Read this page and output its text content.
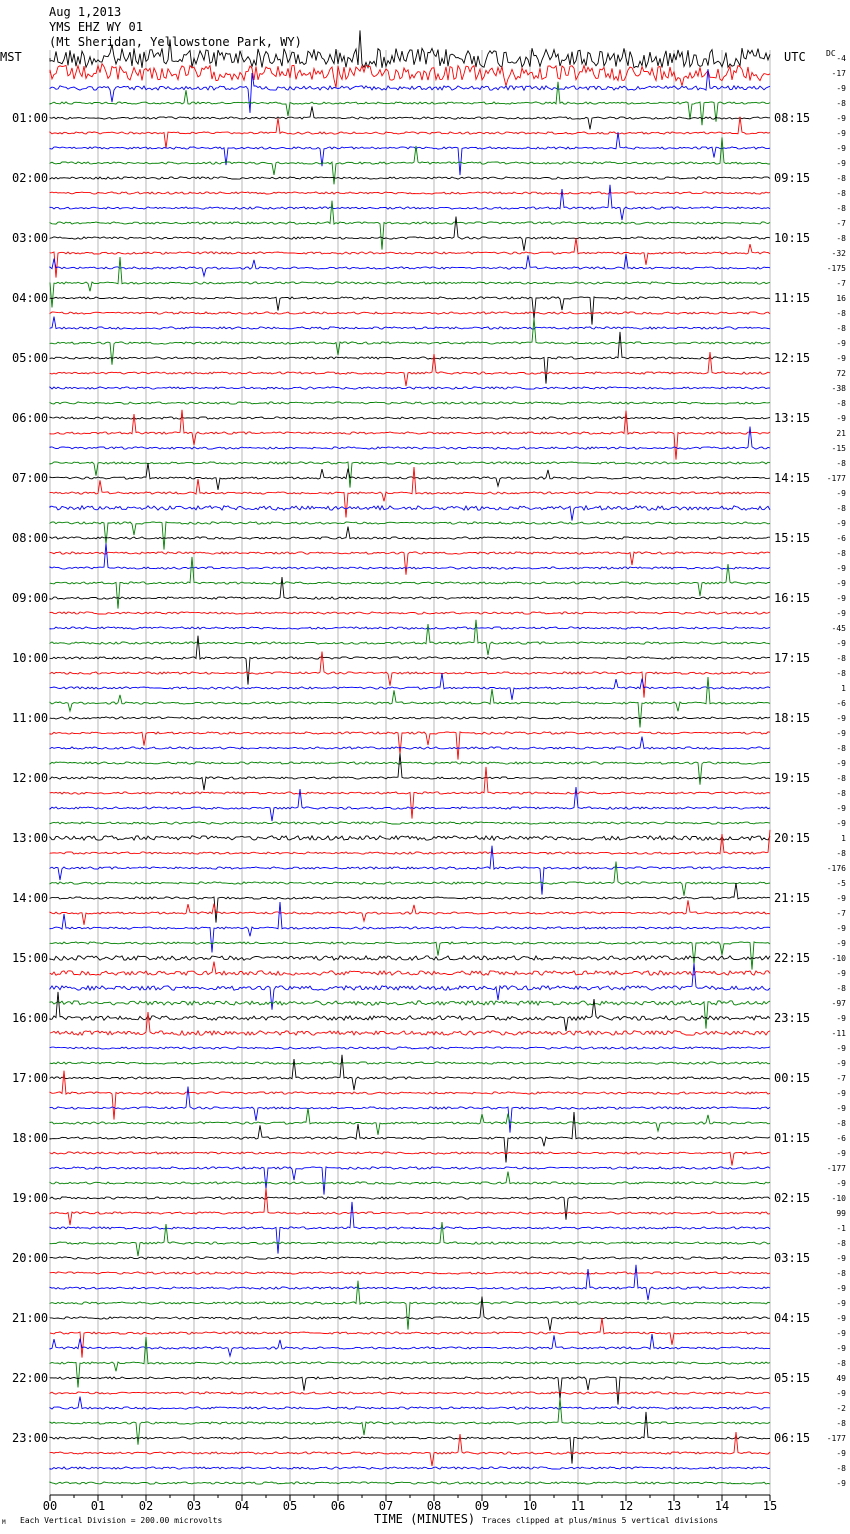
Aug 1,2013
YMS EHZ WY 01
(Mt Sheridan, Yellowstone Park, WY)
MST	UTC	DC
01:00
02:00
03:00
04:00
05:00
06:00
07:00
08:00
09:00
10:00
11:00
12:00
13:00
14:00
15:00
16:00
17:00
18:00
19:00
20:00
21:00
22:00
23:00
08:15
09:15
10:15
11:15
12:15
13:15
14:15
15:15
16:15
17:15
18:15
19:15
20:15
21:15
22:15
23:15
00:15
01:15
02:15
03:15
04:15
05:15
06:15
-4
-17
-9
-8
-9
-9
-9
-9
-8
-8
-8
-7
-8
-32
-175
-7
16
-8
-8
-9
-9
72
-38
-8
-9
21
-15
-8
-177
-9
-8
-9
-6
-8
-9
-9
-9
-9
-45
-9
-8
-8
1
-6
-9
-9
-8
-9
-8
-8
-9
-9
1
-8
-176
-5
-9
-7
-9
-9
-10
-9
-8
-97
-9
-11
-9
-9
-7
-9
-9
-8
-6
-9
-177
-9
-10
99
-1
-8
-9
-8
-9
-9
-9
-9
-9
-8
49
-9
-2
-8
-177
-9
-8
-9
00	01	02	03	04	05	06	07	08	09	10	11	12	13	14	15
TIME (MINUTES)
Each Vertical Division = 200.00 microvolts	Traces clipped at plus/minus 5 vertical divisions
M
